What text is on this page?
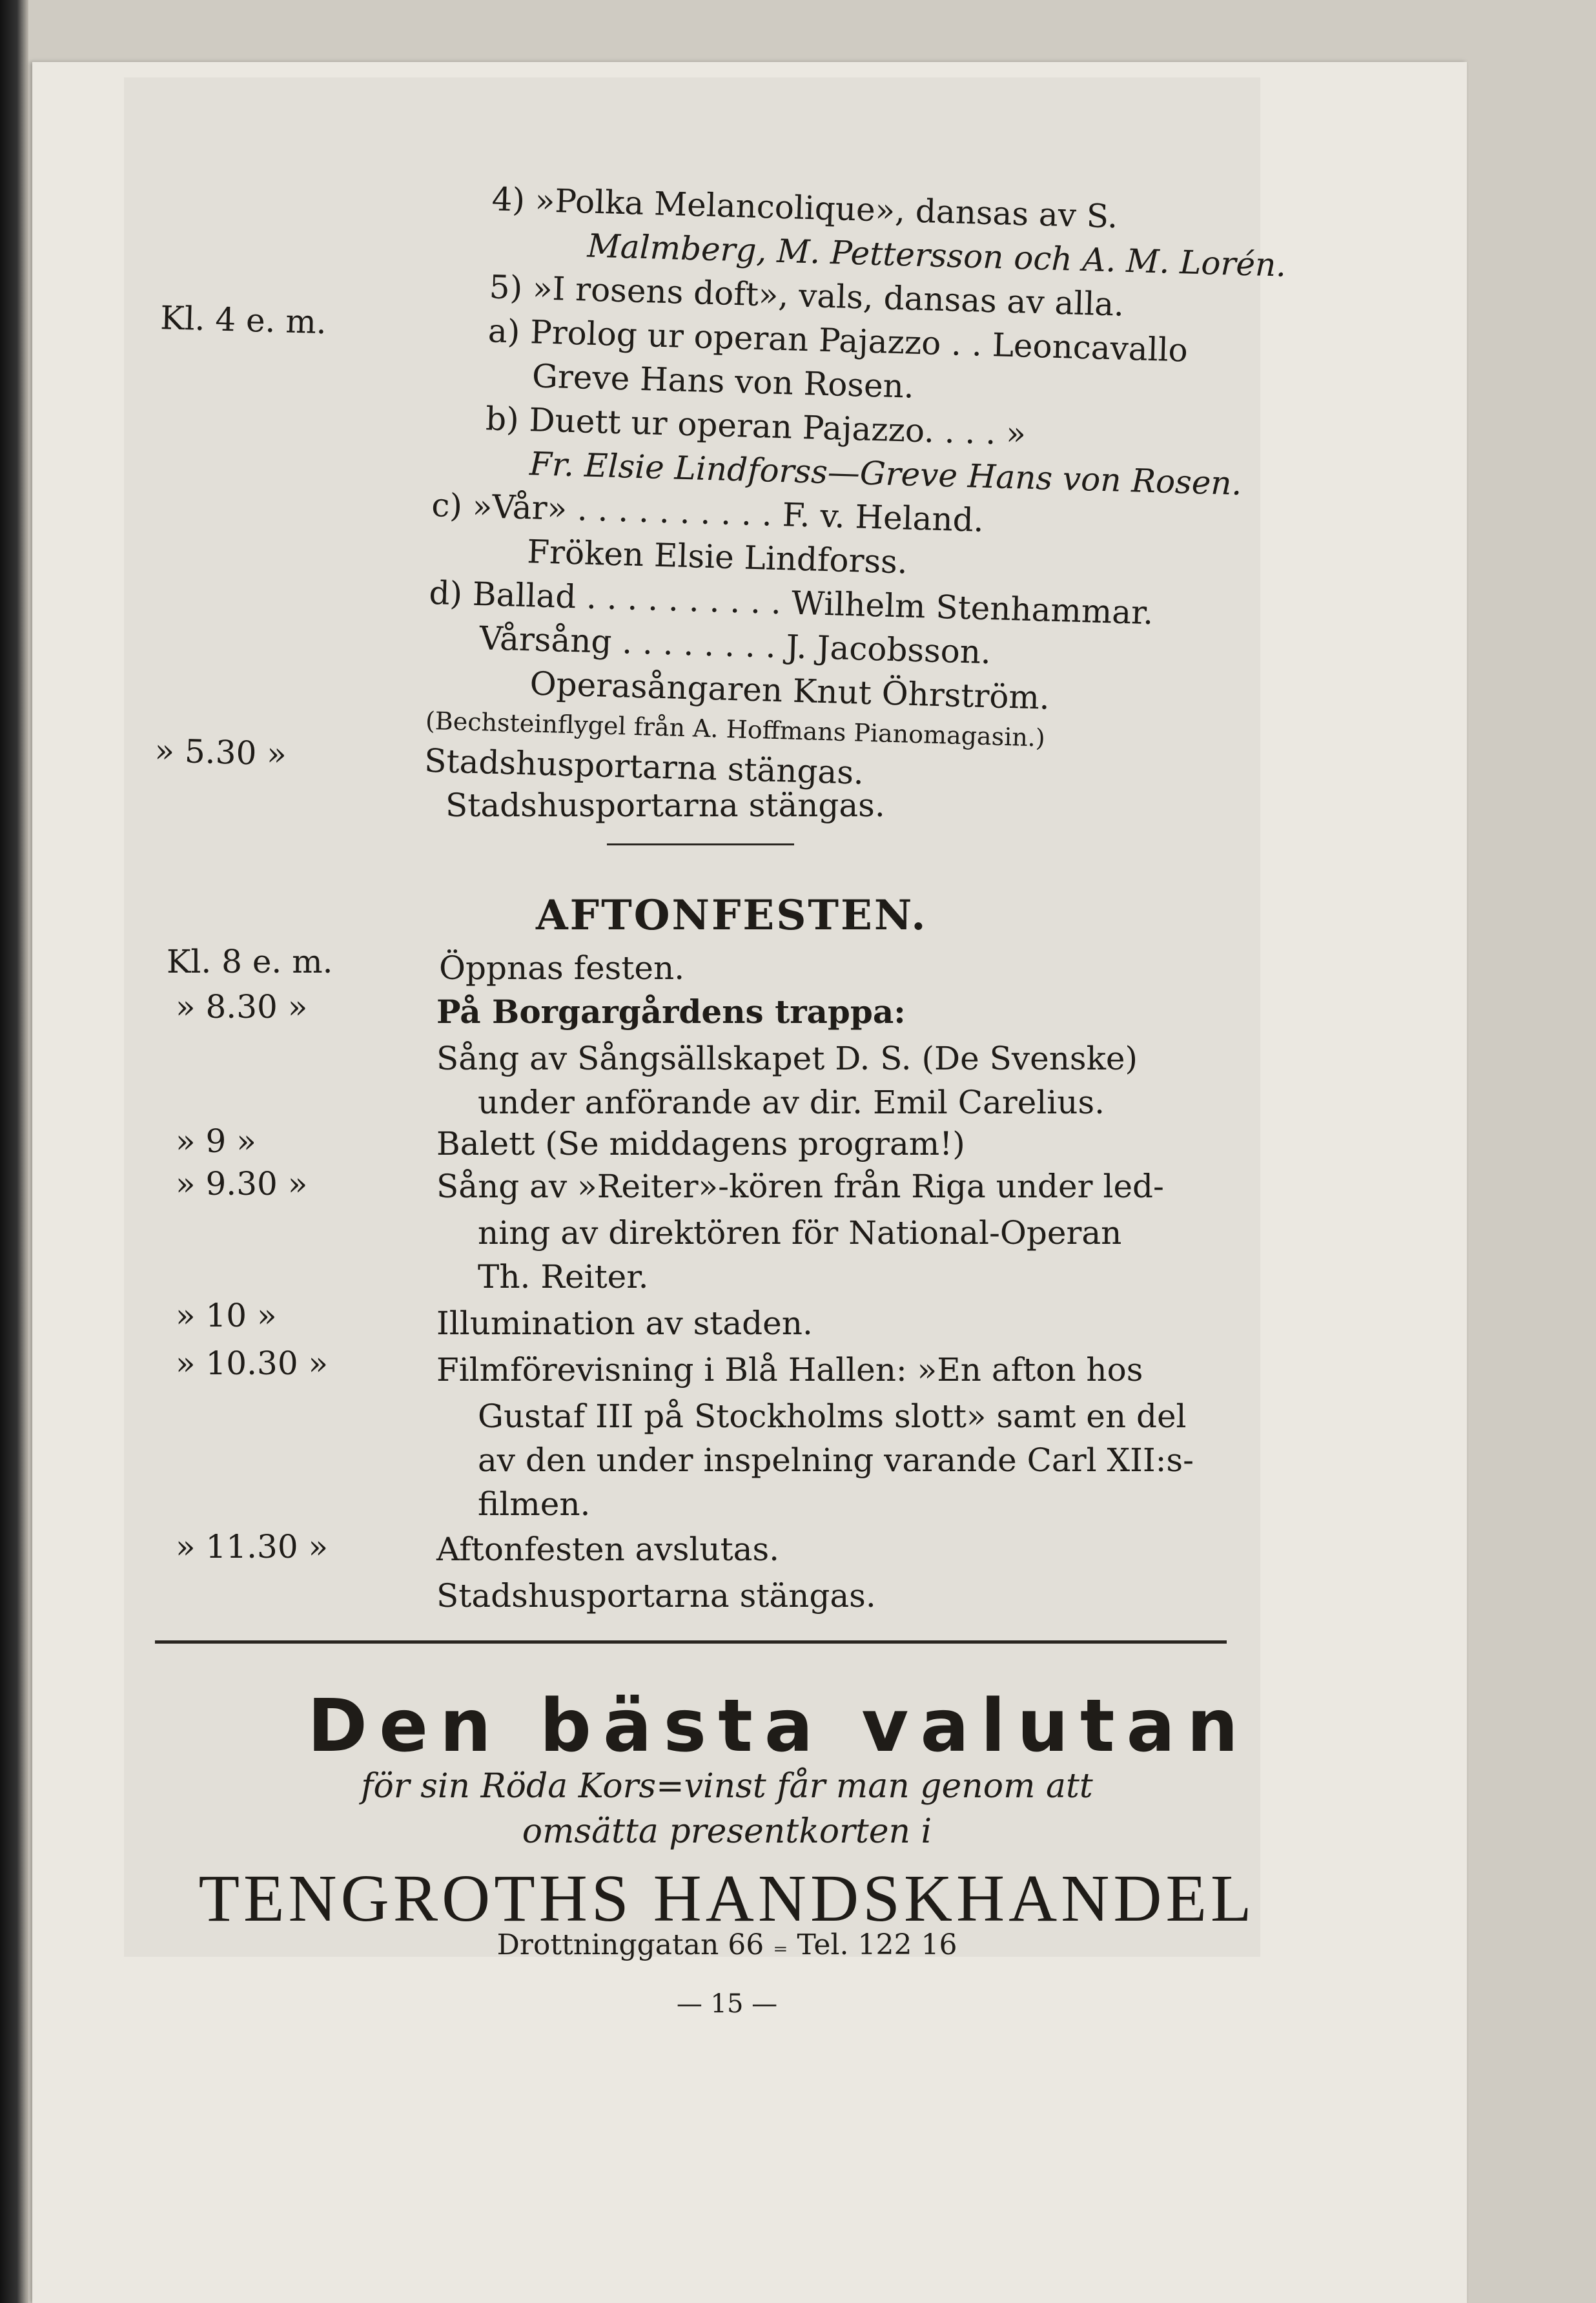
4) »Polka Melancolique», dansas av S.
Malmberg, M. Pettersson och A. M. Lorén.
5) »I rosens doft», vals, dansas av alla.
Kl. 4 e. m.	a) Prolog ur operan Pajazzo . . Leoncavallo
Greve Hans von Rosen.
b) Duett ur operan Pajazzo. . . . »
Fr. Elsie Lindforss—Greve Hans von Rosen.
c) »Vår» . . . . . . . . . . F. v. Heland.
Fröken Elsie Lindforss.
d) Ballad . . . . . . . . . . Wilhelm Stenhammar.
Vårsång . . . . . . . . J. Jacobsson.
Operasångaren Knut Öhrström.
(Bechsteinflygel från A. Hoffmans Pianomagasin.)
» 5.30 »	Stadshusportarna stängas.
Stadshusportarna stängas.
AFTONFESTEN.
Kl. 8 e. m.	Öppnas festen.
» 8.30 »	På Borgargårdens trappa:
Sång av Sångsällskapet D. S. (De Svenske)
under anförande av dir. Emil Carelius.
» 9 »	Balett (Se middagens program!)
» 9.30 »	Sång av »Reiter»-kören från Riga under led-
ning av direktören för National-Operan
Th. Reiter.
» 10 »	Illumination av staden.
» 10.30 »	Filmförevisning i Blå Hallen: »En afton hos
Gustaf III på Stockholms slott» samt en del
av den under inspelning varande Carl XII:s-
filmen.
» 11.30 »	Aftonfesten avslutas.
Stadshusportarna stängas.
Den bästa valutan
för sin Röda Kors=vinst får man genom att
omsätta presentkorten i
TENGROTHS HANDSKHANDEL
Drottninggatan 66 ₌ Tel. 122 16
— 15 —
